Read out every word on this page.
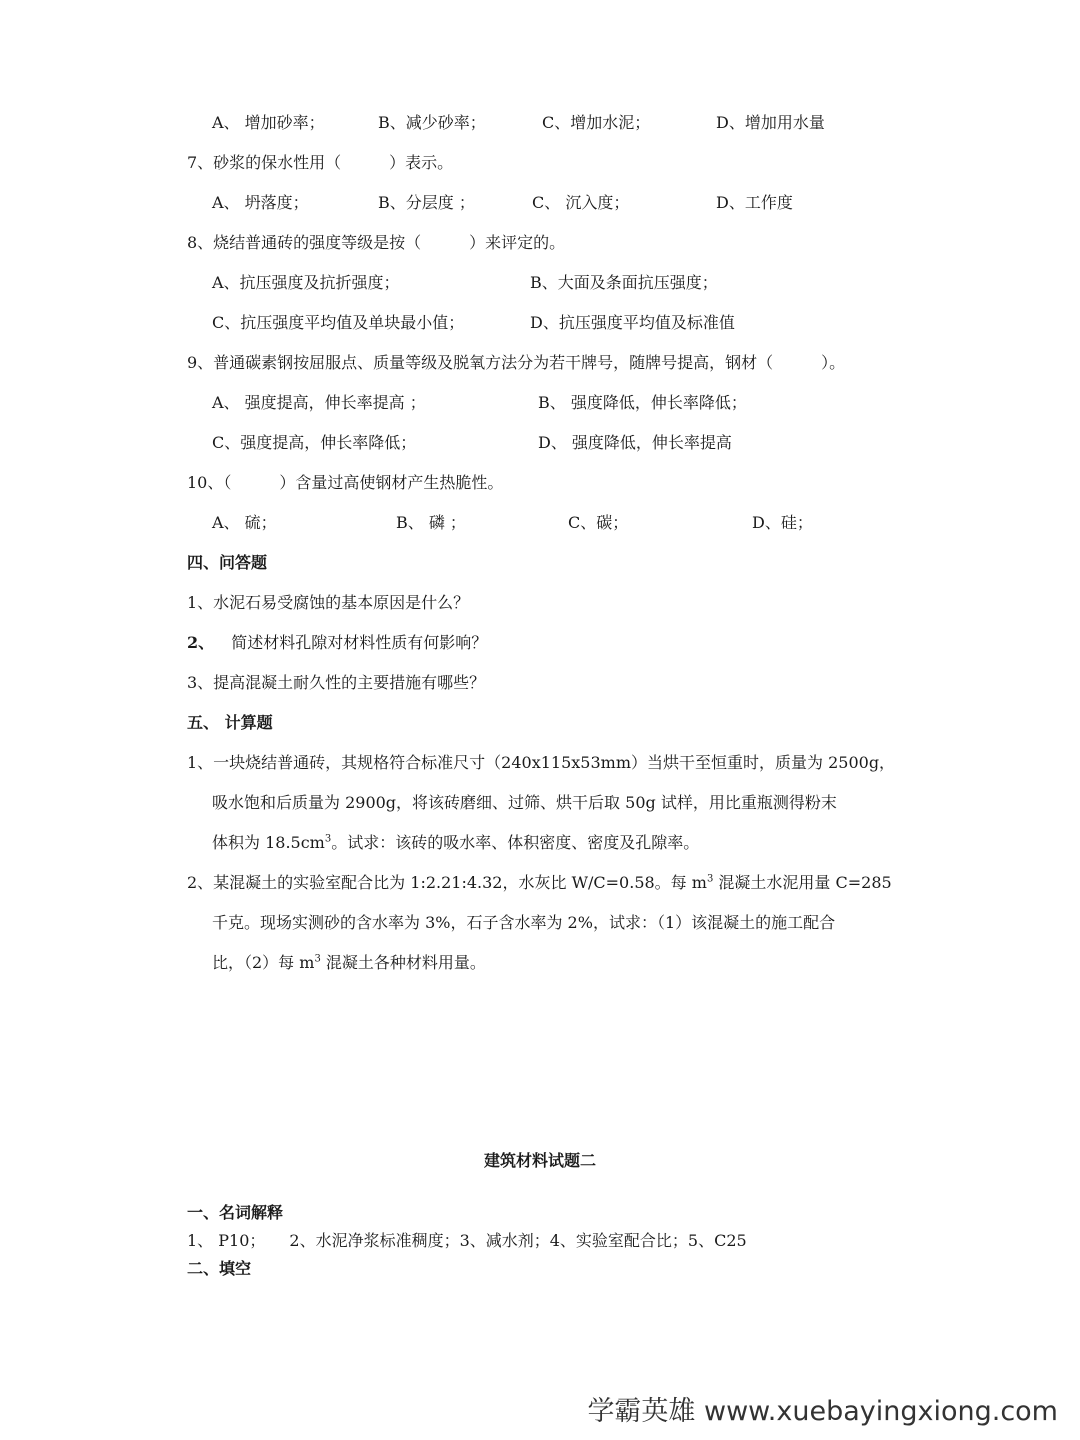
A、 增加砂率；	B、减少砂率；	C、增加水泥；	D、增加用水量
7、砂浆的保水性用（　　　）表示。
A、 坍落度；	B、分层度 ；	C、 沉入度；	D、工作度
8、烧结普通砖的强度等级是按（　　　）来评定的。
A、抗压强度及抗折强度；	B、大面及条面抗压强度；
C、抗压强度平均值及单块最小值；	D、抗压强度平均值及标准值
9、普通碳素钢按屈服点、质量等级及脱氧方法分为若干牌号，随牌号提高，钢材（　　　）。
A、 强度提高，伸长率提高 ；	B、 强度降低，伸长率降低；
C、强度提高，伸长率降低；	D、 强度降低，伸长率提高
10、（　　　）含量过高使钢材产生热脆性。
A、 硫；	B、 磷 ；	C、碳；	D、硅；
四、问答题
1、水泥石易受腐蚀的基本原因是什么？
2、 简述材料孔隙对材料性质有何影响？
3、提高混凝土耐久性的主要措施有哪些？
五、 计算题
1、一块烧结普通砖，其规格符合标准尺寸（240x115x53mm）当烘干至恒重时，质量为 2500g，
吸水饱和后质量为 2900g，将该砖磨细、过筛、烘干后取 50g 试样，用比重瓶测得粉末
体积为 $18.5cm^3$。试求：该砖的吸水率、体积密度、密度及孔隙率。
2、某混凝土的实验室配合比为 1:2.21:4.32，水灰比 W/C=0.58。每 $m^3$ 混凝土水泥用量 C=285
千克。现场实测砂的含水率为 3%，石子含水率为 2%，试求：（1）该混凝土的施工配合
比，（2）每 $m^3$ 混凝土各种材料用量。
建筑材料试题二
一、名词解释
1、 P10；　　2、水泥净浆标准稠度；3、减水剂；4、实验室配合比；5、C25
二、填空
学霸英雄 www.xuebayingxiong.com
